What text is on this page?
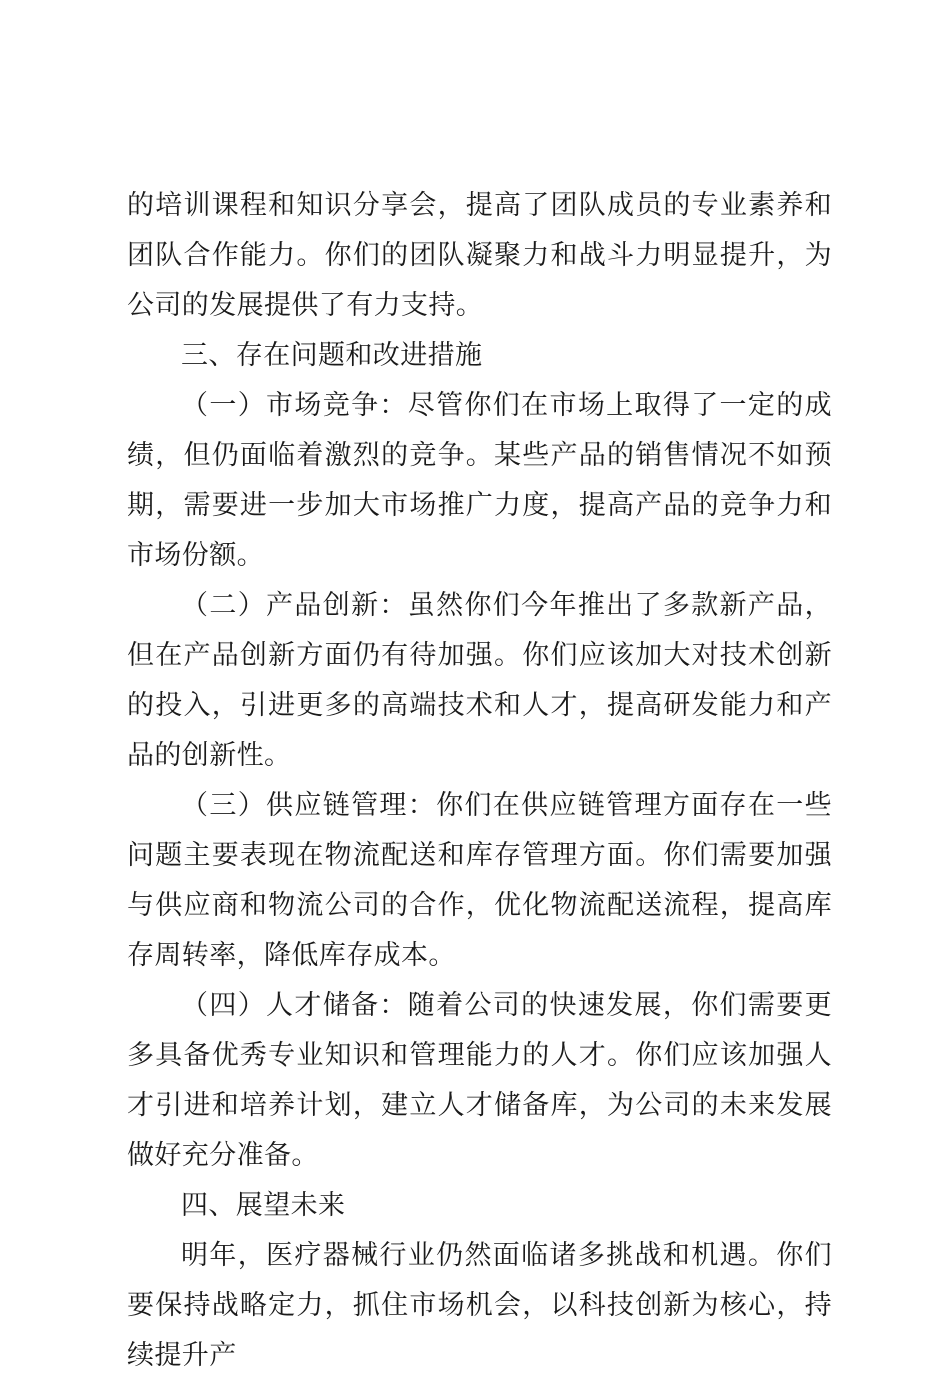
的培训课程和知识分享会，提高了团队成员的专业素养和团队合作能力。你们的团队凝聚力和战斗力明显提升，为公司的发展提供了有力支持。

三、存在问题和改进措施

（一）市场竞争：尽管你们在市场上取得了一定的成绩，但仍面临着激烈的竞争。某些产品的销售情况不如预期，需要进一步加大市场推广力度，提高产品的竞争力和市场份额。

（二）产品创新：虽然你们今年推出了多款新产品，但在产品创新方面仍有待加强。你们应该加大对技术创新的投入，引进更多的高端技术和人才，提高研发能力和产品的创新性。

（三）供应链管理：你们在供应链管理方面存在一些问题主要表现在物流配送和库存管理方面。你们需要加强与供应商和物流公司的合作，优化物流配送流程，提高库存周转率，降低库存成本。

（四）人才储备：随着公司的快速发展，你们需要更多具备优秀专业知识和管理能力的人才。你们应该加强人才引进和培养计划，建立人才储备库，为公司的未来发展做好充分准备。

四、展望未来

明年，医疗器械行业仍然面临诸多挑战和机遇。你们要保持战略定力，抓住市场机会，以科技创新为核心，持续提升产
